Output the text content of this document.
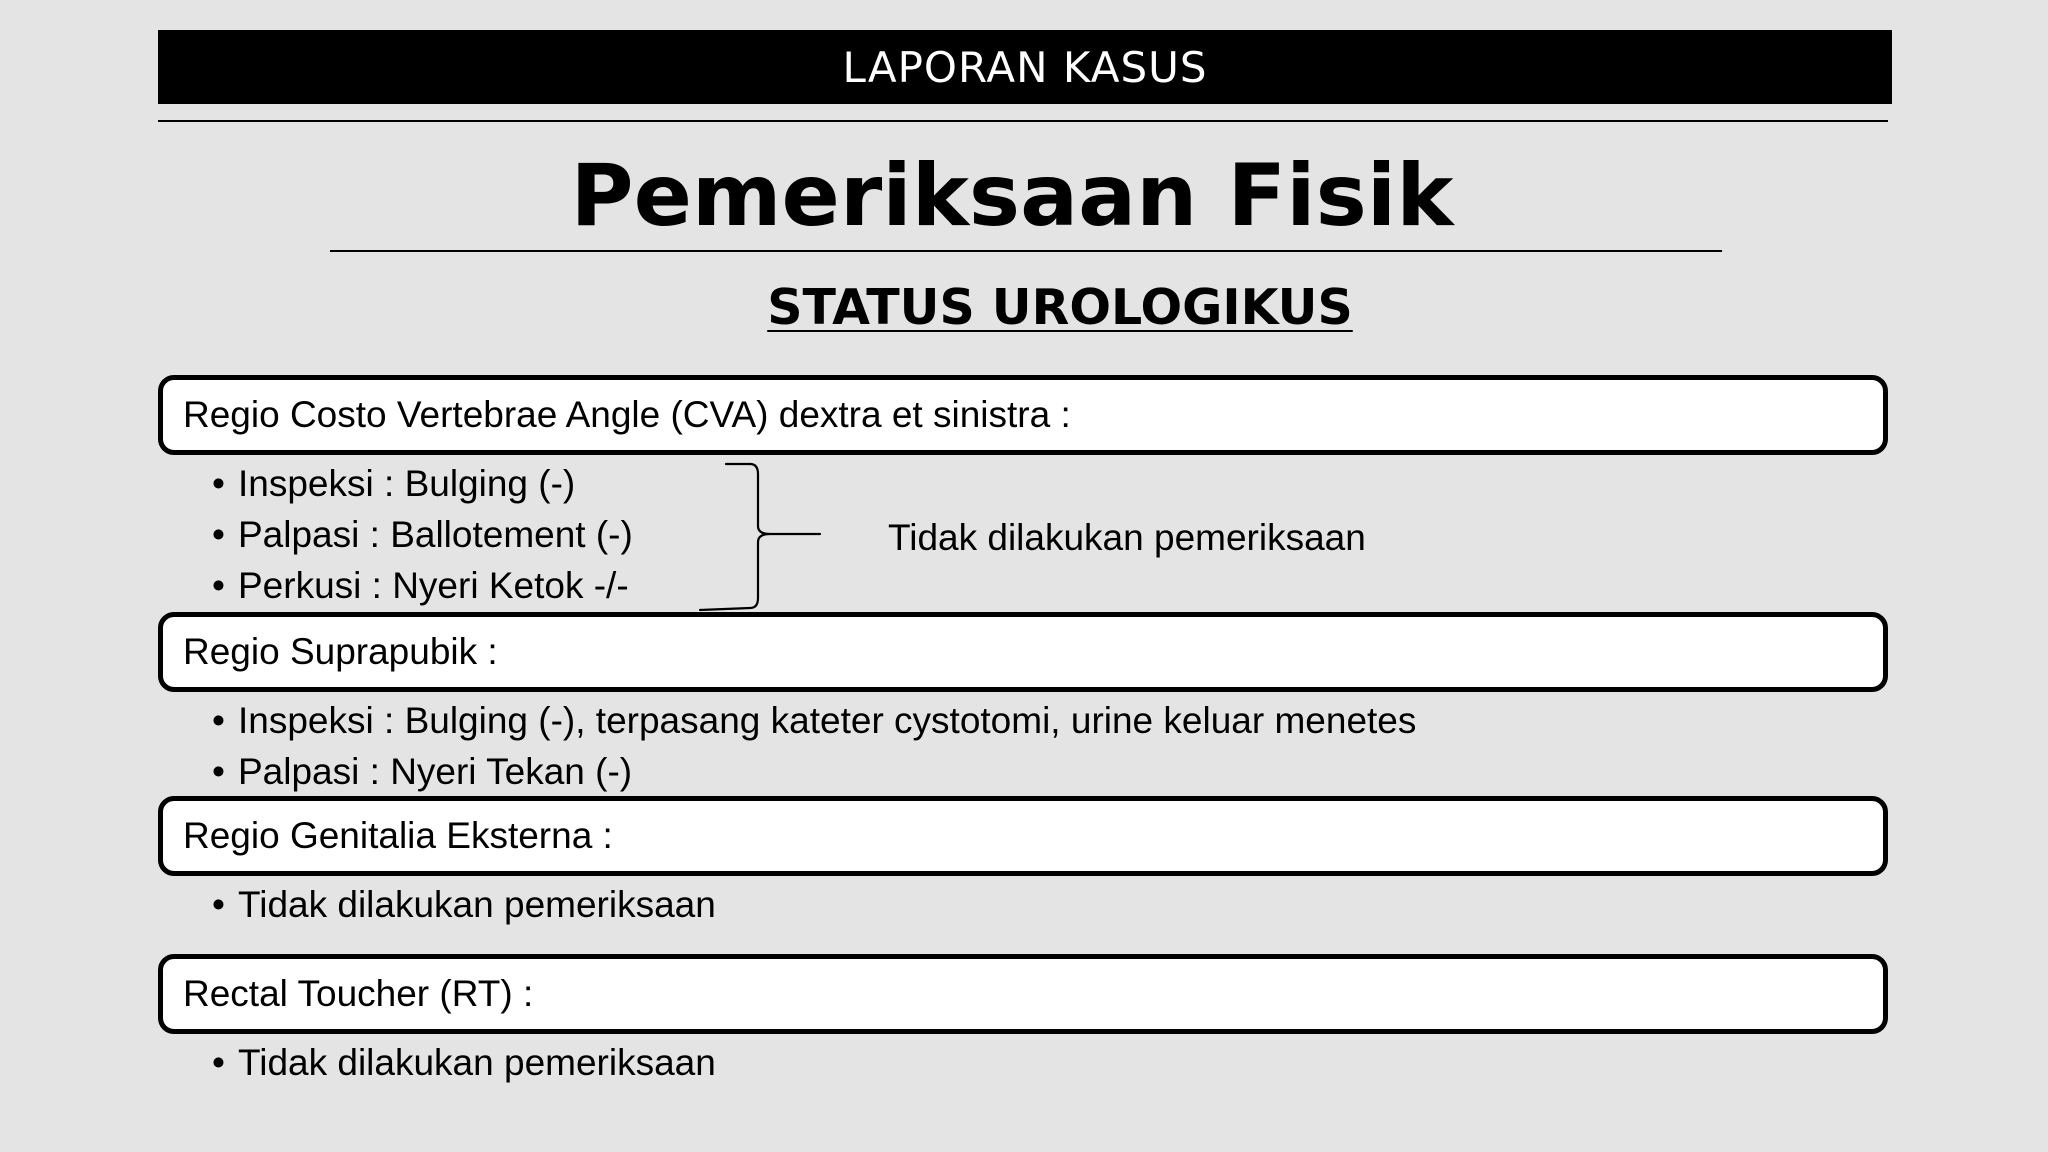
LAPORAN KASUS
Pemeriksaan Fisik
STATUS UROLOGIKUS
Regio Costo Vertebrae Angle (CVA) dextra et sinistra :
• Inspeksi : Bulging (-)
• Palpasi : Ballotement (-)
• Perkusi : Nyeri Ketok -/-
Tidak dilakukan pemeriksaan
Regio Suprapubik :
• Inspeksi : Bulging (-), terpasang kateter cystotomi, urine keluar menetes
• Palpasi : Nyeri Tekan (-)
Regio Genitalia Eksterna :
• Tidak dilakukan pemeriksaan
Rectal Toucher (RT) :
• Tidak dilakukan pemeriksaan
